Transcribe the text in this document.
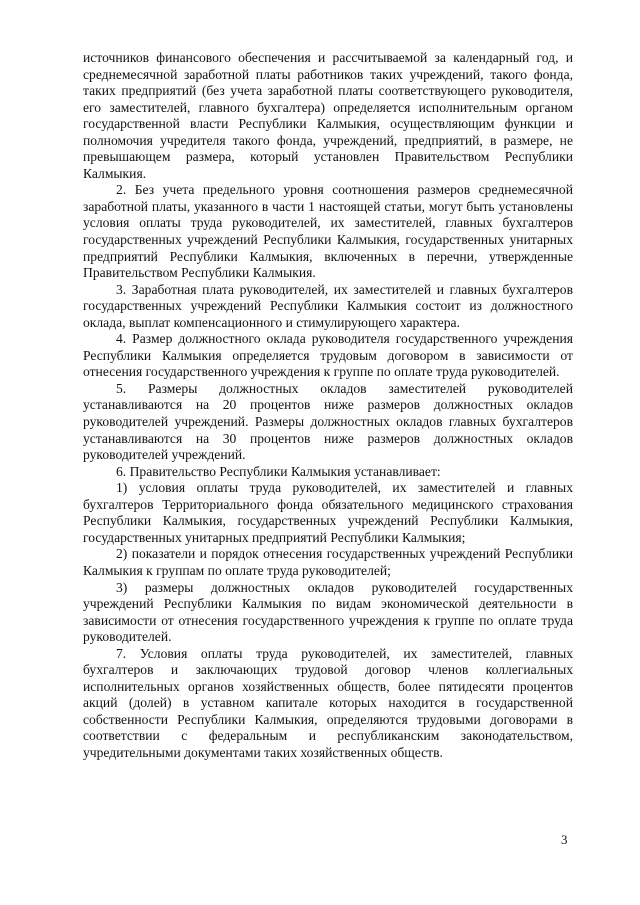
источников финансового обеспечения и рассчитываемой за календарный год, и среднемесячной заработной платы работников таких учреждений, такого фонда, таких предприятий (без учета заработной платы соответствующего руководителя, его заместителей, главного бухгалтера) определяется исполнительным органом государственной власти Республики Калмыкия, осуществляющим функции и полномочия учредителя такого фонда, учреждений, предприятий, в размере, не превышающем размера, который установлен Правительством Республики Калмыкия.

2. Без учета предельного уровня соотношения размеров среднемесячной заработной платы, указанного в части 1 настоящей статьи, могут быть установлены условия оплаты труда руководителей, их заместителей, главных бухгалтеров государственных учреждений Республики Калмыкия, государственных унитарных предприятий Республики Калмыкия, включенных в перечни, утвержденные Правительством Республики Калмыкия.

3. Заработная плата руководителей, их заместителей и главных бухгалтеров государственных учреждений Республики Калмыкия состоит из должностного оклада, выплат компенсационного и стимулирующего характера.

4. Размер должностного оклада руководителя государственного учреждения Республики Калмыкия определяется трудовым договором в зависимости от отнесения государственного учреждения к группе по оплате труда руководителей.

5. Размеры должностных окладов заместителей руководителей устанавливаются на 20 процентов ниже размеров должностных окладов руководителей учреждений. Размеры должностных окладов главных бухгалтеров устанавливаются на 30 процентов ниже размеров должностных окладов руководителей учреждений.

6. Правительство Республики Калмыкия устанавливает:

1) условия оплаты труда руководителей, их заместителей и главных бухгалтеров Территориального фонда обязательного медицинского страхования Республики Калмыкия, государственных учреждений Республики Калмыкия, государственных унитарных предприятий Республики Калмыкия;

2) показатели и порядок отнесения государственных учреждений Республики Калмыкия к группам по оплате труда руководителей;

3) размеры должностных окладов руководителей государственных учреждений Республики Калмыкия по видам экономической деятельности в зависимости от отнесения государственного учреждения к группе по оплате труда руководителей.

7. Условия оплаты труда руководителей, их заместителей, главных бухгалтеров и заключающих трудовой договор членов коллегиальных исполнительных органов хозяйственных обществ, более пятидесяти процентов акций (долей) в уставном капитале которых находится в государственной собственности Республики Калмыкия, определяются трудовыми договорами в соответствии с федеральным и республиканским законодательством, учредительными документами таких хозяйственных обществ.

3
